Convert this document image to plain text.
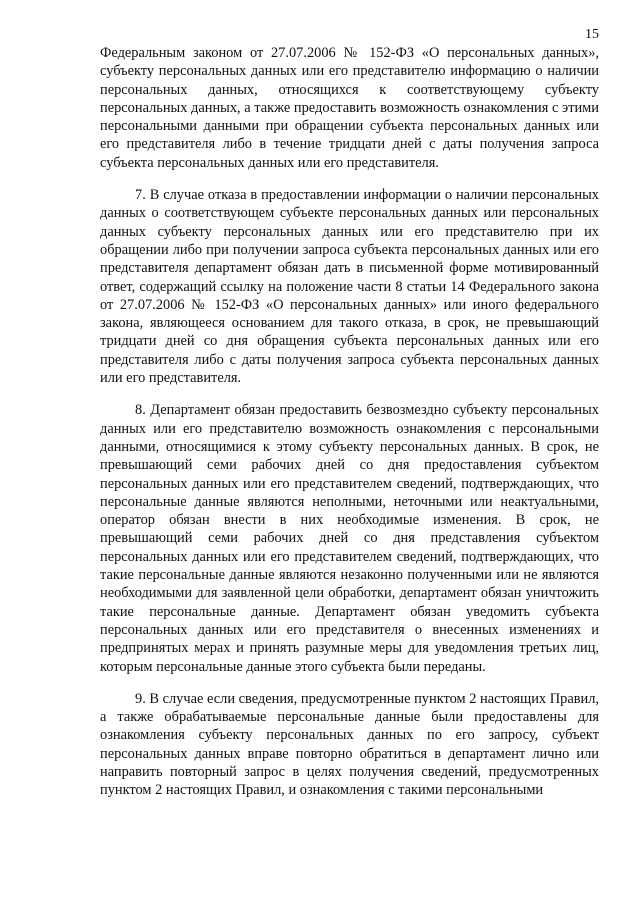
15

Федеральным законом от 27.07.2006 № 152-ФЗ «О персональных данных», субъекту персональных данных или его представителю информацию о наличии персональных данных, относящихся к соответствующему субъекту персональных данных, а также предоставить возможность ознакомления с этими персональными данными при обращении субъекта персональных данных или его представителя либо в течение тридцати дней с даты получения запроса субъекта персональных данных или его представителя.

7. В случае отказа в предоставлении информации о наличии персональных данных о соответствующем субъекте персональных данных или персональных данных субъекту персональных данных или его представителю при их обращении либо при получении запроса субъекта персональных данных или его представителя департамент обязан дать в письменной форме мотивированный ответ, содержащий ссылку на положение части 8 статьи 14 Федерального закона от 27.07.2006 № 152-ФЗ «О персональных данных» или иного федерального закона, являющееся основанием для такого отказа, в срок, не превышающий тридцати дней со дня обращения субъекта персональных данных или его представителя либо с даты получения запроса субъекта персональных данных или его представителя.

8. Департамент обязан предоставить безвозмездно субъекту персональных данных или его представителю возможность ознакомления с персональными данными, относящимися к этому субъекту персональных данных. В срок, не превышающий семи рабочих дней со дня предоставления субъектом персональных данных или его представителем сведений, подтверждающих, что персональные данные являются неполными, неточными или неактуальными, оператор обязан внести в них необходимые изменения. В срок, не превышающий семи рабочих дней со дня представления субъектом персональных данных или его представителем сведений, подтверждающих, что такие персональные данные являются незаконно полученными или не являются необходимыми для заявленной цели обработки, департамент обязан уничтожить такие персональные данные. Департамент обязан уведомить субъекта персональных данных или его представителя о внесенных изменениях и предпринятых мерах и принять разумные меры для уведомления третьих лиц, которым персональные данные этого субъекта были переданы.

9. В случае если сведения, предусмотренные пунктом 2 настоящих Правил, а также обрабатываемые персональные данные были предоставлены для ознакомления субъекту персональных данных по его запросу, субъект персональных данных вправе повторно обратиться в департамент лично или направить повторный запрос в целях получения сведений, предусмотренных пунктом 2 настоящих Правил, и ознакомления с такими персональными
